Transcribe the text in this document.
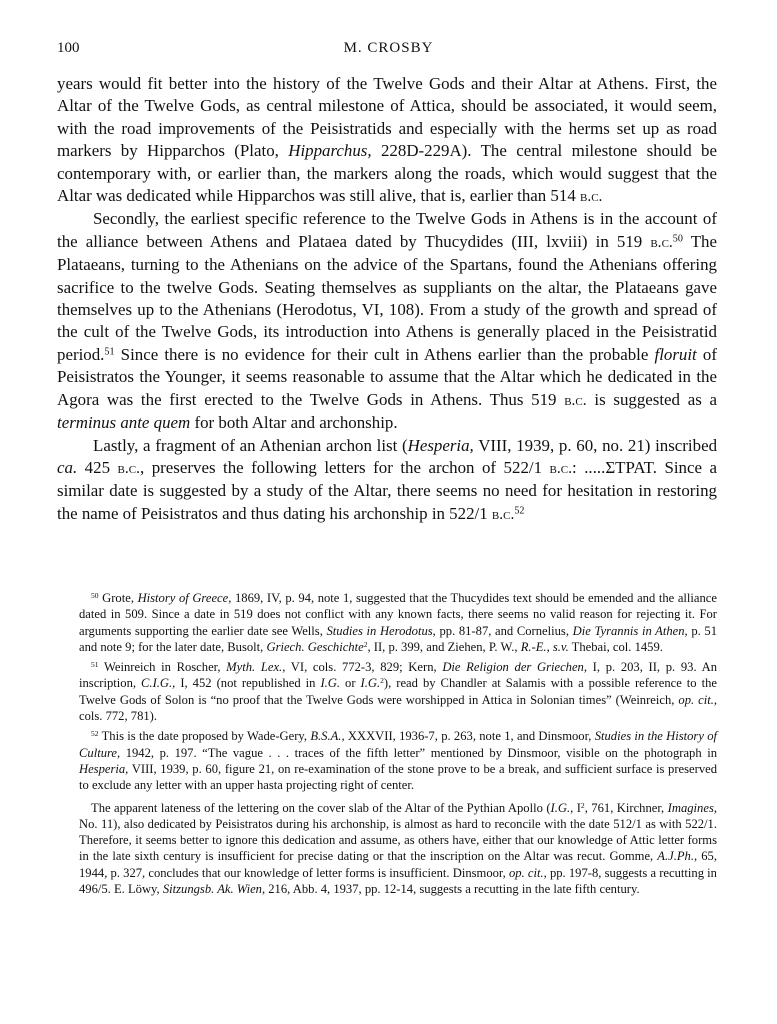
100	M. CROSBY

years would fit better into the history of the Twelve Gods and their Altar at Athens. First, the Altar of the Twelve Gods, as central milestone of Attica, should be associated, it would seem, with the road improvements of the Peisistratids and especially with the herms set up as road markers by Hipparchos (Plato, Hipparchus, 228D-229A). The central milestone should be contemporary with, or earlier than, the markers along the roads, which would suggest that the Altar was dedicated while Hipparchos was still alive, that is, earlier than 514 b.c.

Secondly, the earliest specific reference to the Twelve Gods in Athens is in the account of the alliance between Athens and Plataea dated by Thucydides (III, lxviii) in 519 b.c.$^{50}$ The Plataeans, turning to the Athenians on the advice of the Spartans, found the Athenians offering sacrifice to the twelve Gods. Seating themselves as suppliants on the altar, the Plataeans gave themselves up to the Athenians (Herodotus, VI, 108). From a study of the growth and spread of the cult of the Twelve Gods, its introduction into Athens is generally placed in the Peisistratid period.$^{51}$ Since there is no evidence for their cult in Athens earlier than the probable floruit of Peisistratos the Younger, it seems reasonable to assume that the Altar which he dedicated in the Agora was the first erected to the Twelve Gods in Athens. Thus 519 b.c. is suggested as a terminus ante quem for both Altar and archonship.

Lastly, a fragment of an Athenian archon list (Hesperia, VIII, 1939, p. 60, no. 21) inscribed ca. 425 b.c., preserves the following letters for the archon of 522/1 b.c.: .....ΣΤΡΑΤ. Since a similar date is suggested by a study of the Altar, there seems no need for hesitation in restoring the name of Peisistratos and thus dating his archonship in 522/1 b.c.$^{52}$

$^{50}$ Grote, History of Greece, 1869, IV, p. 94, note 1, suggested that the Thucydides text should be emended and the alliance dated in 509. Since a date in 519 does not conflict with any known facts, there seems no valid reason for rejecting it. For arguments supporting the earlier date see Wells, Studies in Herodotus, pp. 81-87, and Cornelius, Die Tyrannis in Athen, p. 51 and note 9; for the later date, Busolt, Griech. Geschichte$^2$, II, p. 399, and Ziehen, P. W., R.-E., s.v. Thebai, col. 1459.

$^{51}$ Weinreich in Roscher, Myth. Lex., VI, cols. 772-3, 829; Kern, Die Religion der Griechen, I, p. 203, II, p. 93. An inscription, C.I.G., I, 452 (not republished in I.G. or I.G.$^2$), read by Chandler at Salamis with a possible reference to the Twelve Gods of Solon is “no proof that the Twelve Gods were worshipped in Attica in Solonian times” (Weinreich, op. cit., cols. 772, 781).

$^{52}$ This is the date proposed by Wade-Gery, B.S.A., XXXVII, 1936-7, p. 263, note 1, and Dinsmoor, Studies in the History of Culture, 1942, p. 197. “The vague . . . traces of the fifth letter” mentioned by Dinsmoor, visible on the photograph in Hesperia, VIII, 1939, p. 60, figure 21, on re-examination of the stone prove to be a break, and sufficient surface is preserved to exclude any letter with an upper hasta projecting right of center.

The apparent lateness of the lettering on the cover slab of the Altar of the Pythian Apollo (I.G., $I^2$, 761, Kirchner, Imagines, No. 11), also dedicated by Peisistratos during his archonship, is almost as hard to reconcile with the date 512/1 as with 522/1. Therefore, it seems better to ignore this dedication and assume, as others have, either that our knowledge of Attic letter forms in the late sixth century is insufficient for precise dating or that the inscription on the Altar was recut. Gomme, A.J.Ph., 65, 1944, p. 327, concludes that our knowledge of letter forms is insufficient. Dinsmoor, op. cit., pp. 197-8, suggests a recutting in 496/5. E. Löwy, Sitzungsb. Ak. Wien, 216, Abb. 4, 1937, pp. 12-14, suggests a recutting in the late fifth century.
